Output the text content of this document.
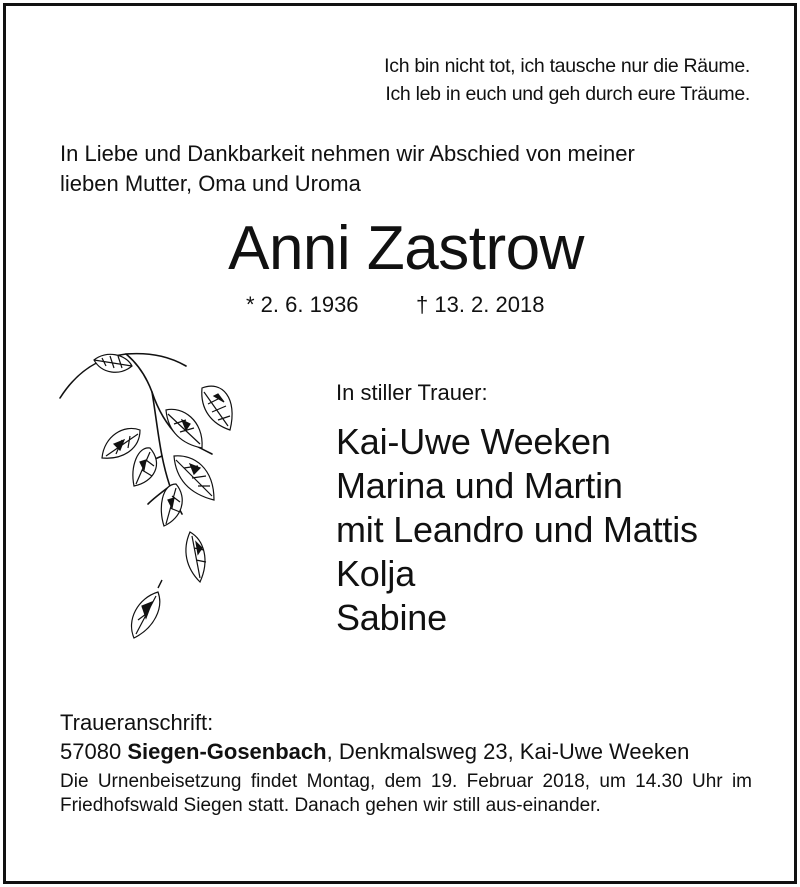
Ich bin nicht tot, ich tausche nur die Räume.
Ich leb in euch und geh durch eure Träume.
In Liebe und Dankbarkeit nehmen wir Abschied von meiner
lieben Mutter, Oma und Uroma
Anni Zastrow
* 2. 6. 1936	† 13. 2. 2018
In stiller Trauer:
Kai-Uwe Weeken
Marina und Martin
mit Leandro und Mattis
Kolja
Sabine
Traueranschrift:
57080 Siegen-Gosenbach, Denkmalsweg 23, Kai-Uwe Weeken
Die Urnenbeisetzung findet Montag, dem 19. Februar 2018, um 14.30 Uhr im Friedhofswald Siegen statt. Danach gehen wir still aus-einander.
